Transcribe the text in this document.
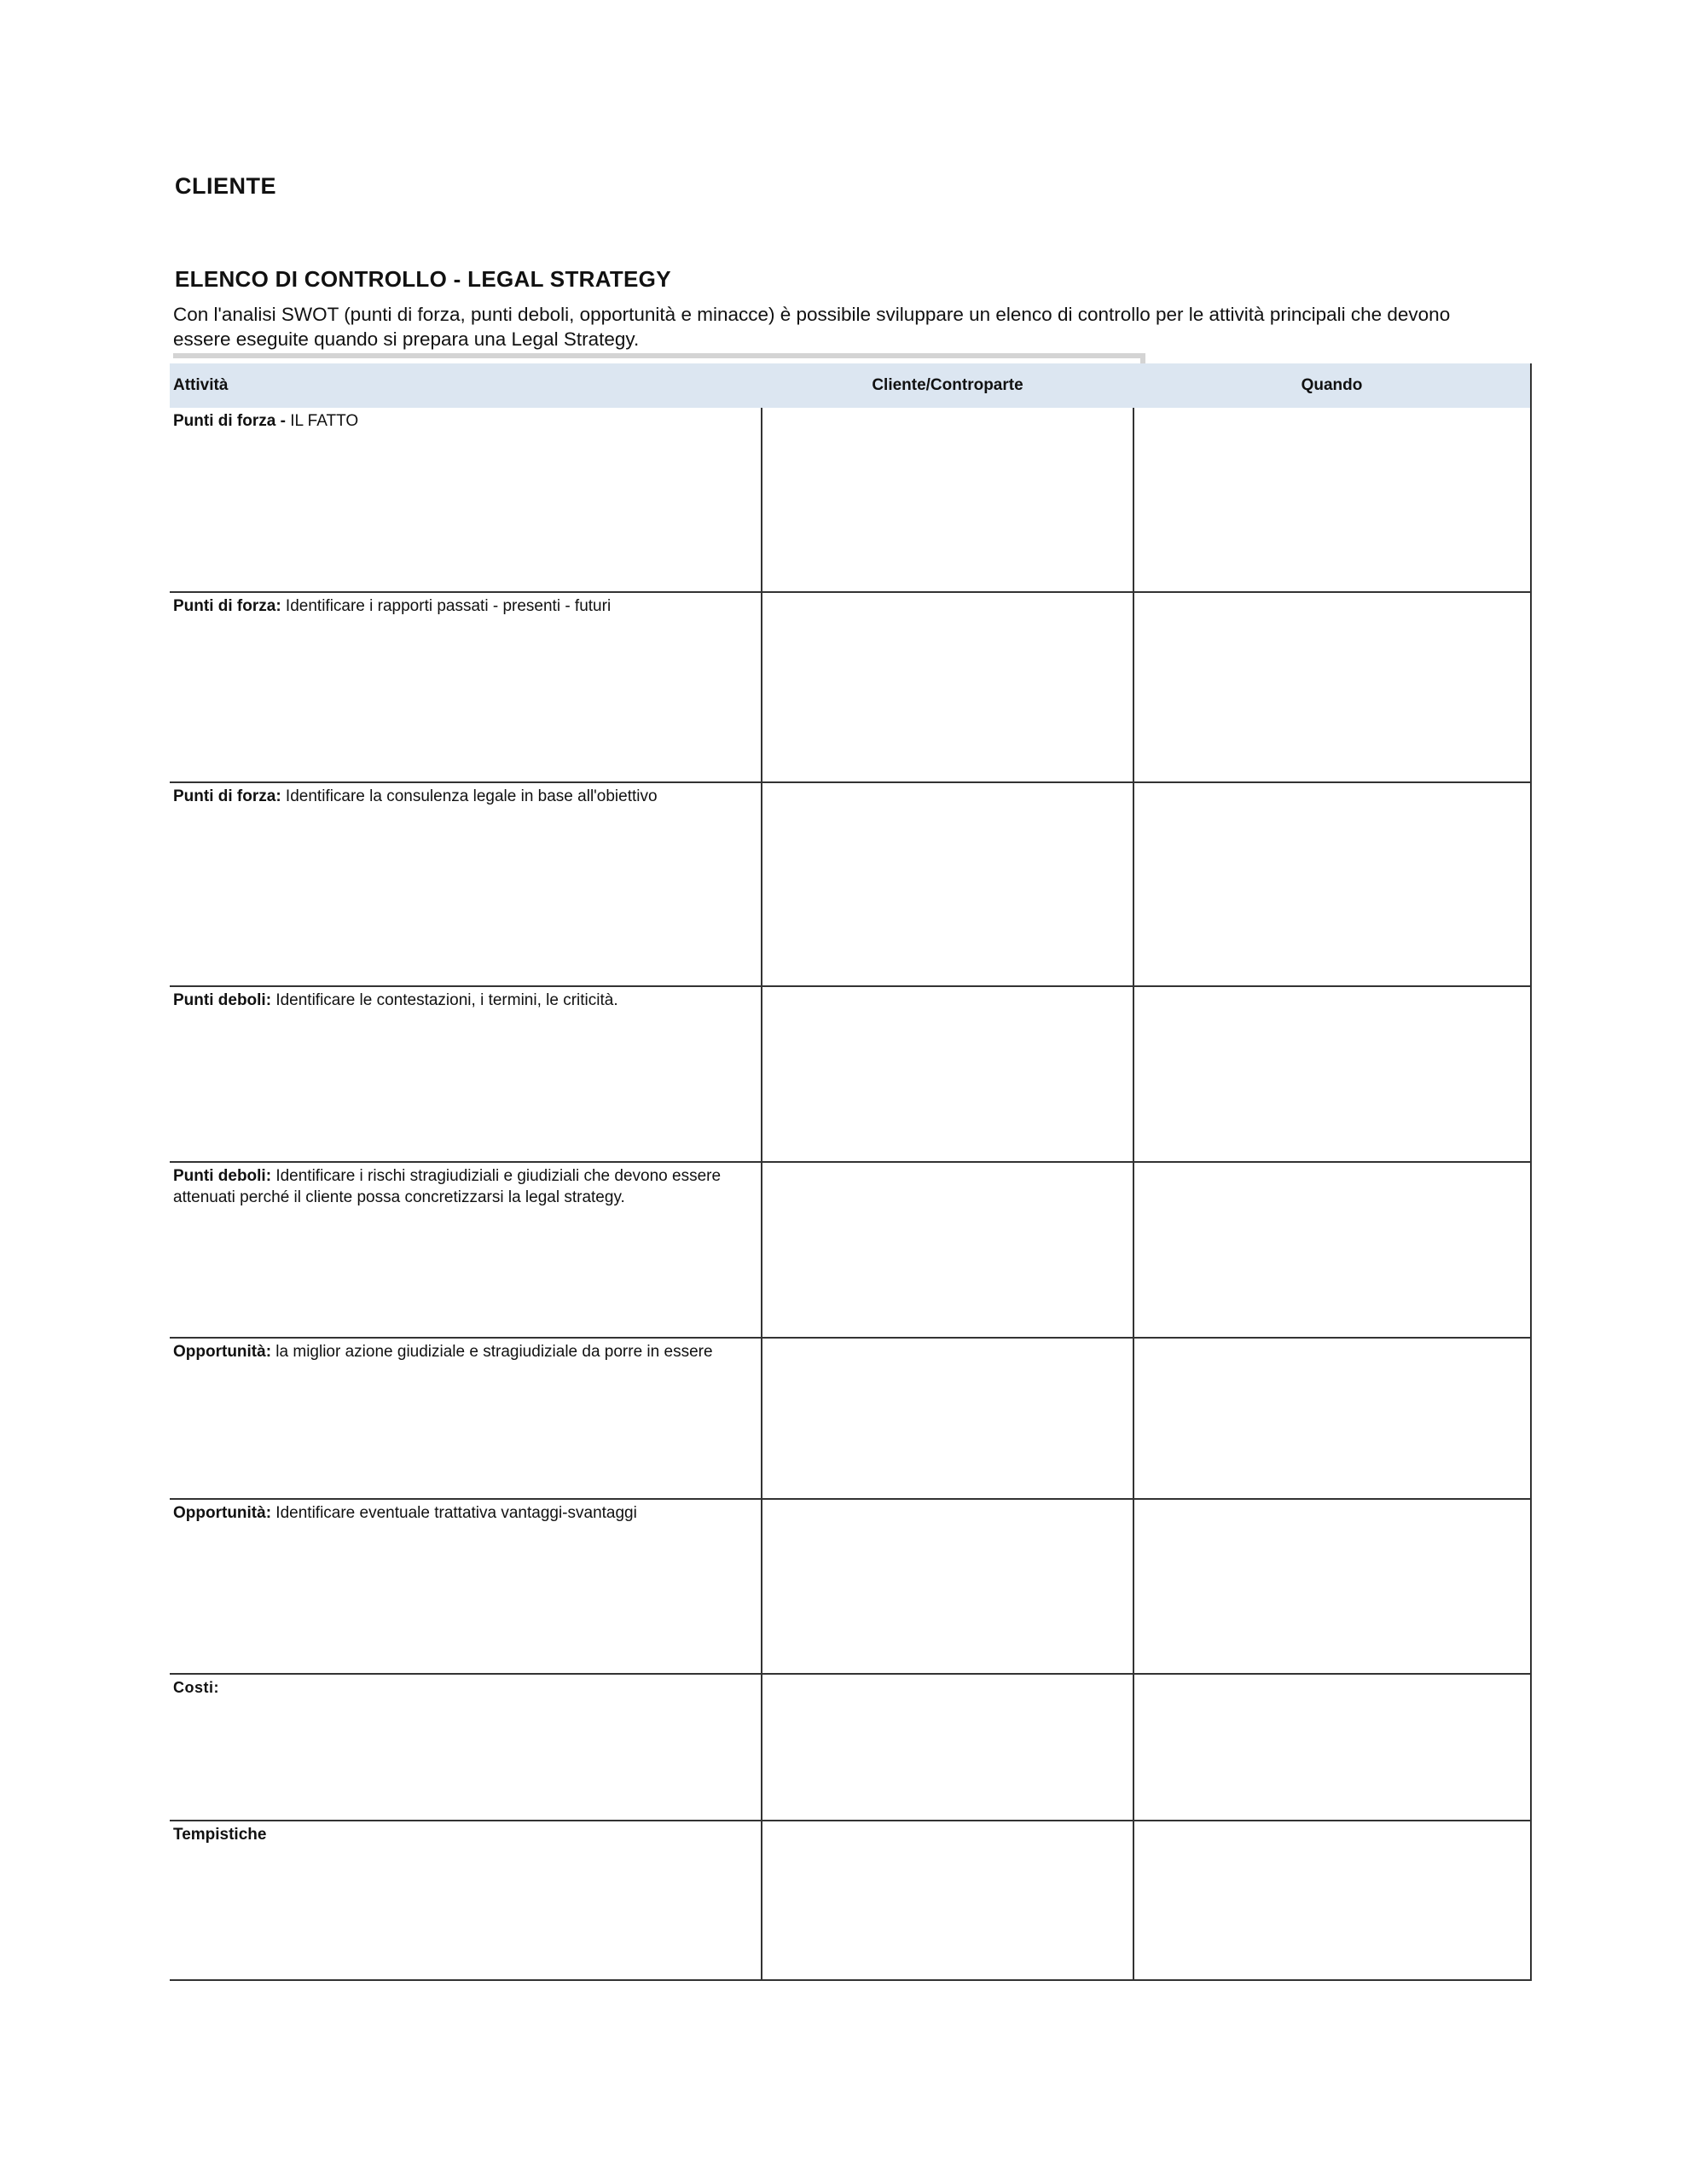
CLIENTE
ELENCO DI CONTROLLO - LEGAL STRATEGY

Con l'analisi SWOT (punti di forza, punti deboli, opportunità e minacce) è possibile sviluppare un elenco di controllo per le attività principali che devono essere eseguite quando si prepara una Legal Strategy.

Attività	Cliente/Controparte	Quando
Punti di forza - IL FATTO		
Punti di forza: Identificare i rapporti passati - presenti - futuri		
Punti di forza: Identificare la consulenza legale in base all'obiettivo		
Punti deboli: Identificare le contestazioni, i termini, le criticità.		
Punti deboli: Identificare i rischi stragiudiziali e giudiziali che devono essere attenuati perché il cliente possa concretizzarsi la legal strategy.		
Opportunità: la miglior azione giudiziale e stragiudiziale da porre in essere		
Opportunità: Identificare eventuale trattativa vantaggi-svantaggi		
Costi:		
Tempistiche		
